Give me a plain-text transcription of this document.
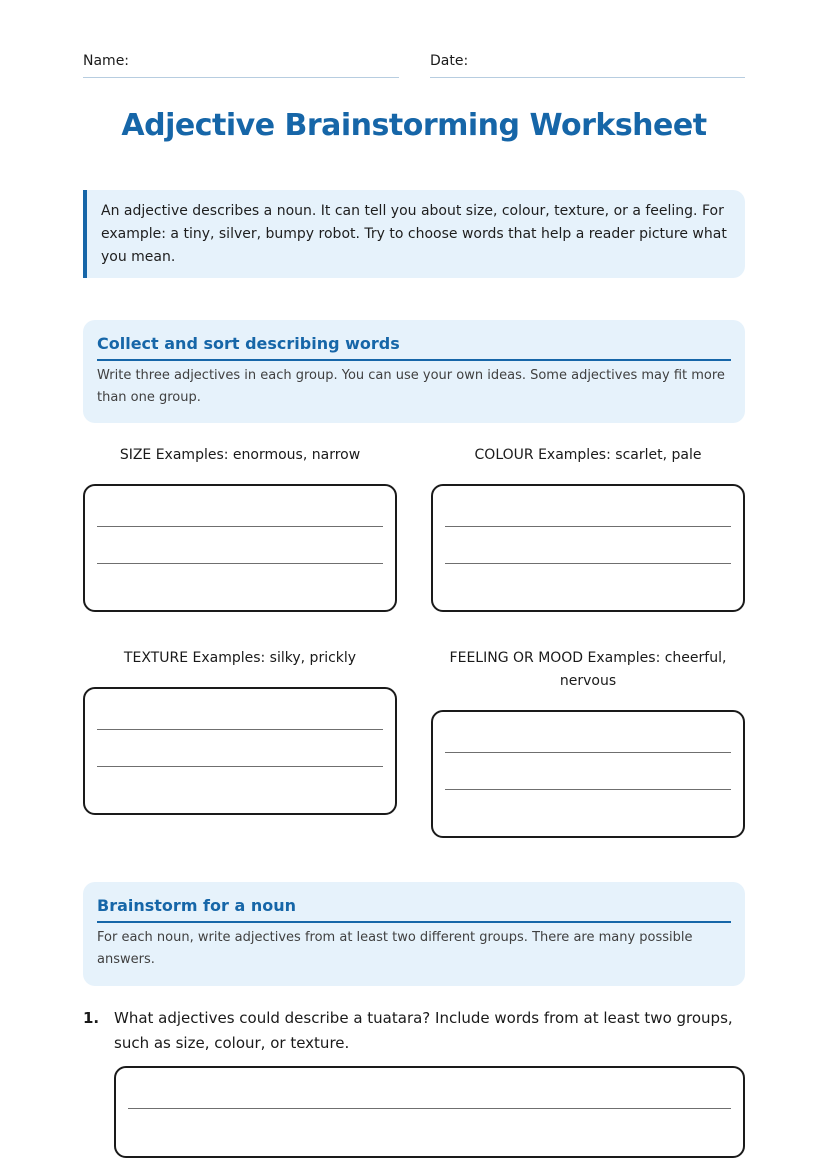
Name:	Date:
Adjective Brainstorming Worksheet
An adjective describes a noun. It can tell you about size, colour, texture, or a feeling. For example: a tiny, silver, bumpy robot. Try to choose words that help a reader picture what you mean.
Collect and sort describing words

Write three adjectives in each group. You can use your own ideas. Some adjectives may fit more than one group.

SIZE Examples: enormous, narrow	COLOUR Examples: scarlet, pale
TEXTURE Examples: silky, prickly	FEELING OR MOOD Examples: cheerful, nervous
Brainstorm for a noun

For each noun, write adjectives from at least two different groups. There are many possible answers.

1. What adjectives could describe a tuatara? Include words from at least two groups, such as size, colour, or texture.
